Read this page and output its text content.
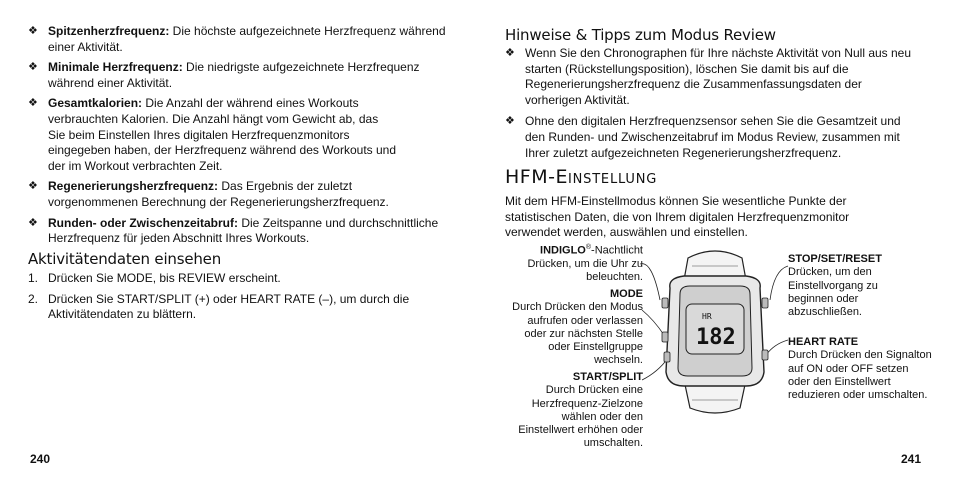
❖ Spitzenherzfrequenz: Die höchste aufgezeichnete Herzfrequenz während einer Aktivität.
❖ Minimale Herzfrequenz: Die niedrigste aufgezeichnete Herzfrequenz während einer Aktivität.
❖ Gesamtkalorien: Die Anzahl der während eines Workouts verbrauchten Kalorien. Die Anzahl hängt vom Gewicht ab, das Sie beim Einstellen Ihres digitalen Herzfrequenzmonitors eingegeben haben, der Herzfrequenz während des Workouts und der im Workout verbrachten Zeit.
❖ Regenerierungsherzfrequenz: Das Ergebnis der zuletzt vorgenommenen Berechnung der Regenerierungsherzfrequenz.
❖ Runden- oder Zwischenzeitabruf: Die Zeitspanne und durchschnittliche Herzfrequenz für jeden Abschnitt Ihres Workouts.
Aktivitätendaten einsehen
1. Drücken Sie MODE, bis REVIEW erscheint.
2. Drücken Sie START/SPLIT (+) oder HEART RATE (–), um durch die Aktivitätendaten zu blättern.
240
Hinweise & Tipps zum Modus Review
❖ Wenn Sie den Chronographen für Ihre nächste Aktivität von Null aus neu starten (Rückstellungsposition), löschen Sie damit bis auf die Regenerierungsherzfrequenz die Zusammenfassungsdaten der vorherigen Aktivität.
❖ Ohne den digitalen Herzfrequenzsensor sehen Sie die Gesamtzeit und den Runden- und Zwischenzeitabruf im Modus Review, zusammen mit Ihrer zuletzt aufgezeichneten Regenerierungsherzfrequenz.
HFM-EINSTELLUNG
Mit dem HFM-Einstellmodus können Sie wesentliche Punkte der statistischen Daten, die von Ihrem digitalen Herzfrequenzmonitor verwendet werden, auswählen und einstellen.
INDIGLO®-Nachtlicht Drücken, um die Uhr zu beleuchten.
MODE
Durch Drücken den Modus aufrufen oder verlassen oder zur nächsten Stelle oder Einstellgruppe wechseln.
START/SPLIT
Durch Drücken eine Herzfrequenz-Zielzone wählen oder den Einstellwert erhöhen oder umschalten.
STOP/SET/RESET
Drücken, um den Einstellvorgang zu beginnen oder abzuschließen.
HEART RATE
Durch Drücken den Signalton auf ON oder OFF setzen oder den Einstellwert reduzieren oder umschalten.
HR
182
241
